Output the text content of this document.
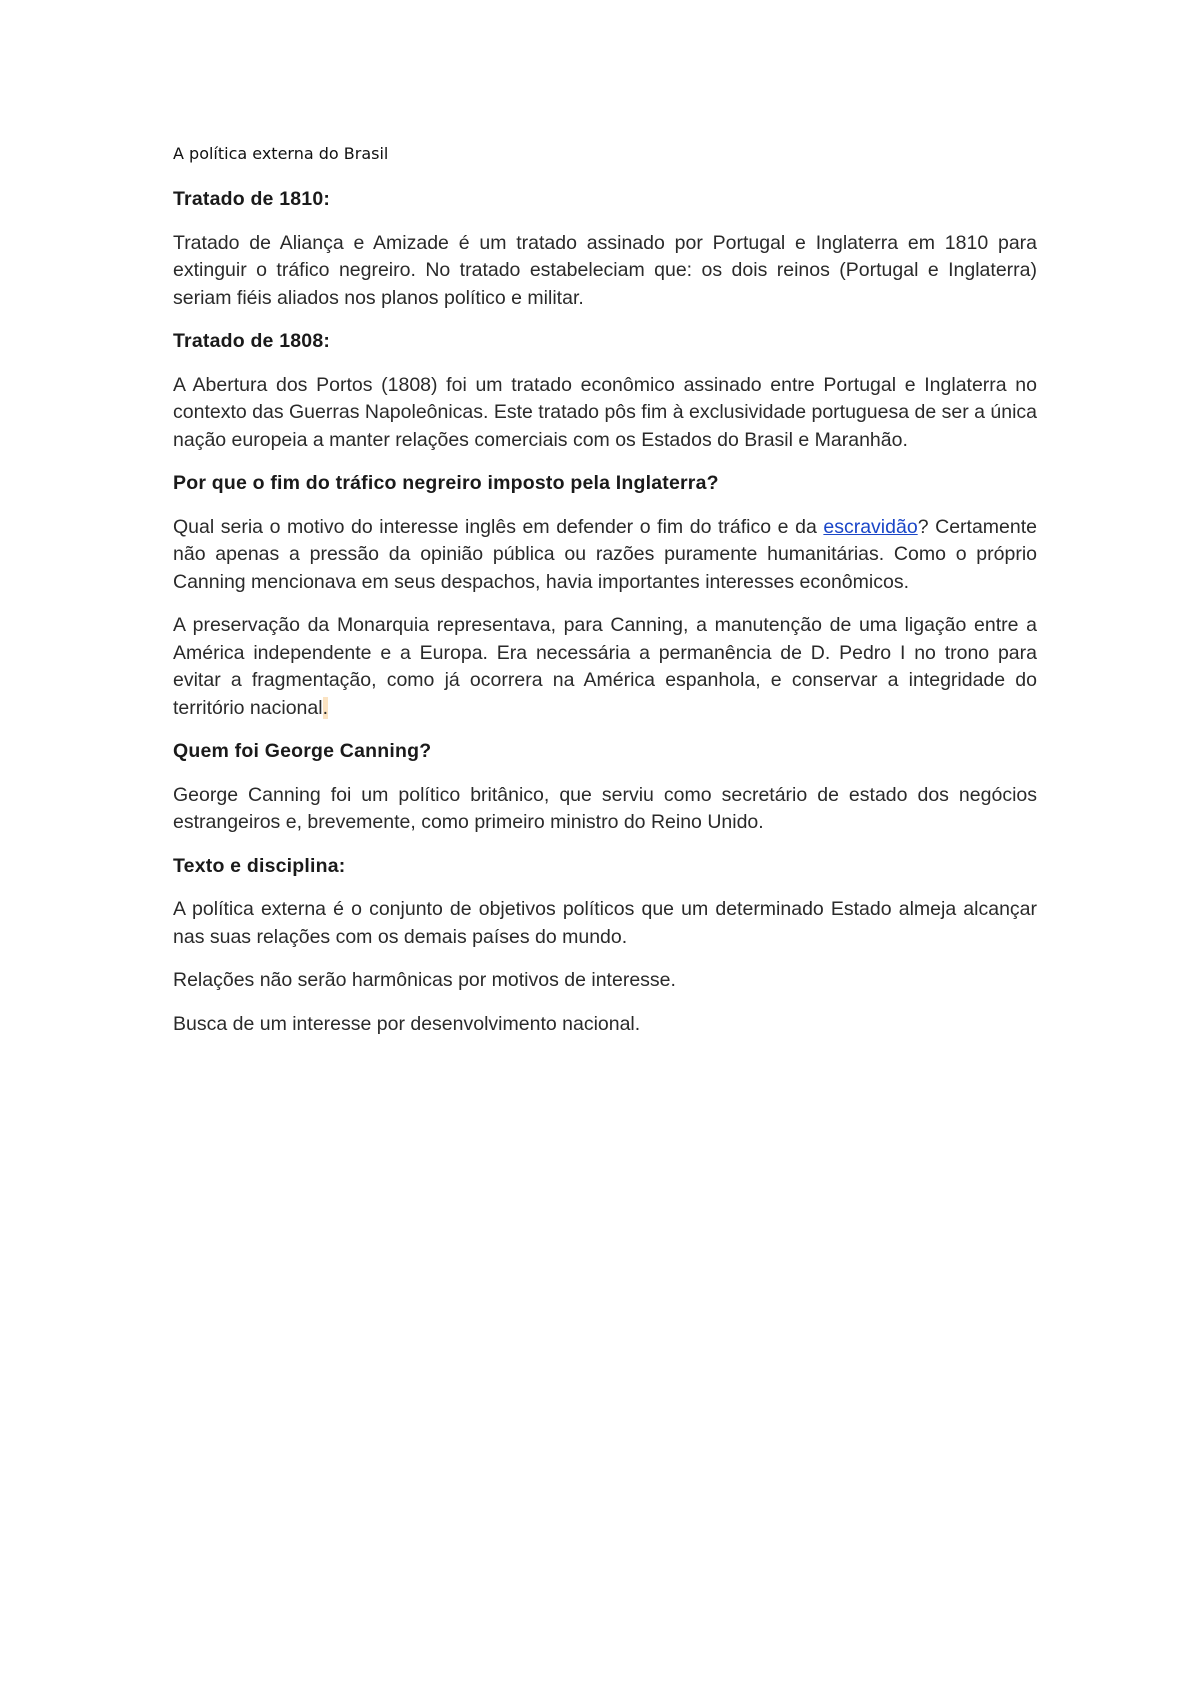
A política externa do Brasil
Tratado de 1810:

Tratado de Aliança e Amizade é um tratado assinado por Portugal e Inglaterra em 1810 para extinguir o tráfico negreiro. No tratado estabeleciam que: os dois reinos (Portugal e Inglaterra) seriam fiéis aliados nos planos político e militar.

Tratado de 1808:

A Abertura dos Portos (1808) foi um tratado econômico assinado entre Portugal e Inglaterra no contexto das Guerras Napoleônicas. Este tratado pôs fim à exclusividade portuguesa de ser a única nação europeia a manter relações comerciais com os Estados do Brasil e Maranhão.

Por que o fim do tráfico negreiro imposto pela Inglaterra?

Qual seria o motivo do interesse inglês em defender o fim do tráfico e da escravidão? Certamente não apenas a pressão da opinião pública ou razões puramente humanitárias. Como o próprio Canning mencionava em seus despachos, havia importantes interesses econômicos.

A preservação da Monarquia representava, para Canning, a manutenção de uma ligação entre a América independente e a Europa. Era necessária a permanência de D. Pedro I no trono para evitar a fragmentação, como já ocorrera na América espanhola, e conservar a integridade do território nacional.

Quem foi George Canning?

George Canning foi um político britânico, que serviu como secretário de estado dos negócios estrangeiros e, brevemente, como primeiro ministro do Reino Unido.

Texto e disciplina:

A política externa é o conjunto de objetivos políticos que um determinado Estado almeja alcançar nas suas relações com os demais países do mundo.

Relações não serão harmônicas por motivos de interesse.

Busca de um interesse por desenvolvimento nacional.
